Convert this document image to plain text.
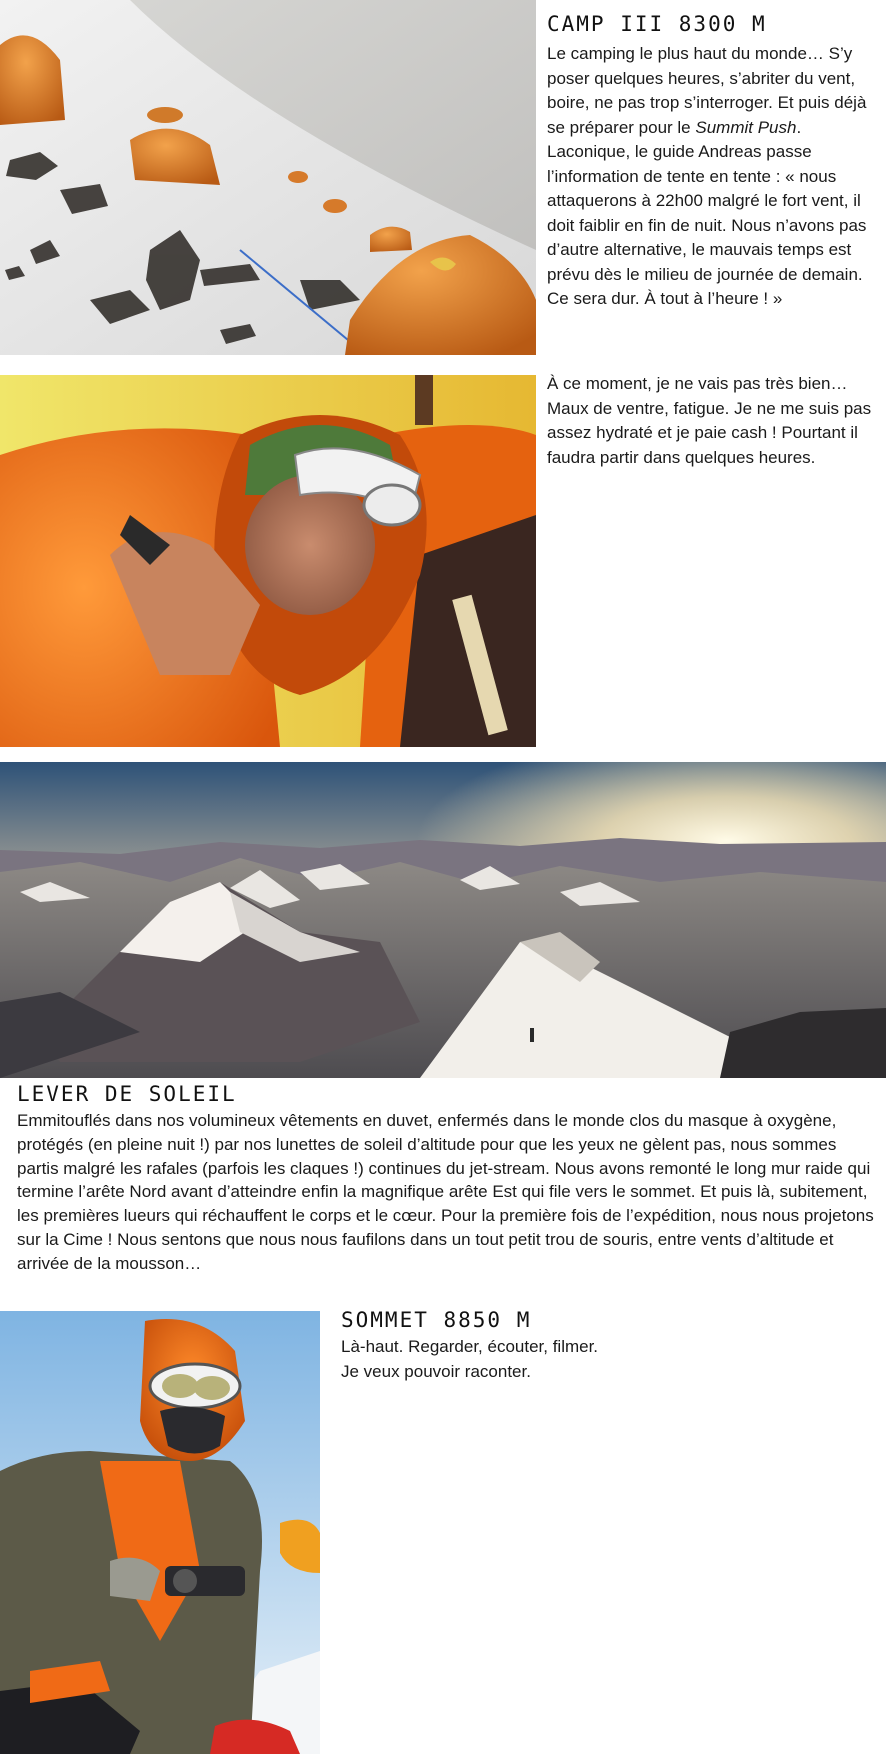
CAMP III 8300 M

Le camping le plus haut du monde… S’y poser quelques heures, s’abriter du vent, boire, ne pas trop s’interroger. Et puis déjà se préparer pour le Summit Push. Laconique, le guide Andreas passe l’information de tente en tente : « nous attaquerons à 22h00 malgré le fort vent, il doit faiblir en fin de nuit. Nous n’avons pas d’autre alternative, le mauvais temps est prévu dès le milieu de journée de demain. Ce sera dur. À tout à l’heure ! »

À ce moment, je ne vais pas très bien… Maux de ventre, fatigue. Je ne me suis pas assez hydraté et je paie cash ! Pourtant il faudra partir dans quelques heures.

LEVER DE SOLEIL

Emmitouflés dans nos volumineux vêtements en duvet, enfermés dans le monde clos du masque à oxygène, protégés (en pleine nuit !) par nos lunettes de soleil d’altitude pour que les yeux ne gèlent pas, nous sommes partis malgré les rafales (parfois les claques !) continues du jet-stream. Nous avons remonté le long mur raide qui termine l’arête Nord avant d’atteindre enfin la magnifique arête Est qui file vers le sommet. Et puis là, subitement, les premières lueurs qui réchauffent le corps et le cœur. Pour la première fois de l’expédition, nous nous projetons sur la Cime ! Nous sentons que nous nous faufilons dans un tout petit trou de souris, entre vents d’altitude et arrivée de la mousson…

SOMMET 8850 M

Là-haut. Regarder, écouter, filmer.
Je veux pouvoir raconter.
